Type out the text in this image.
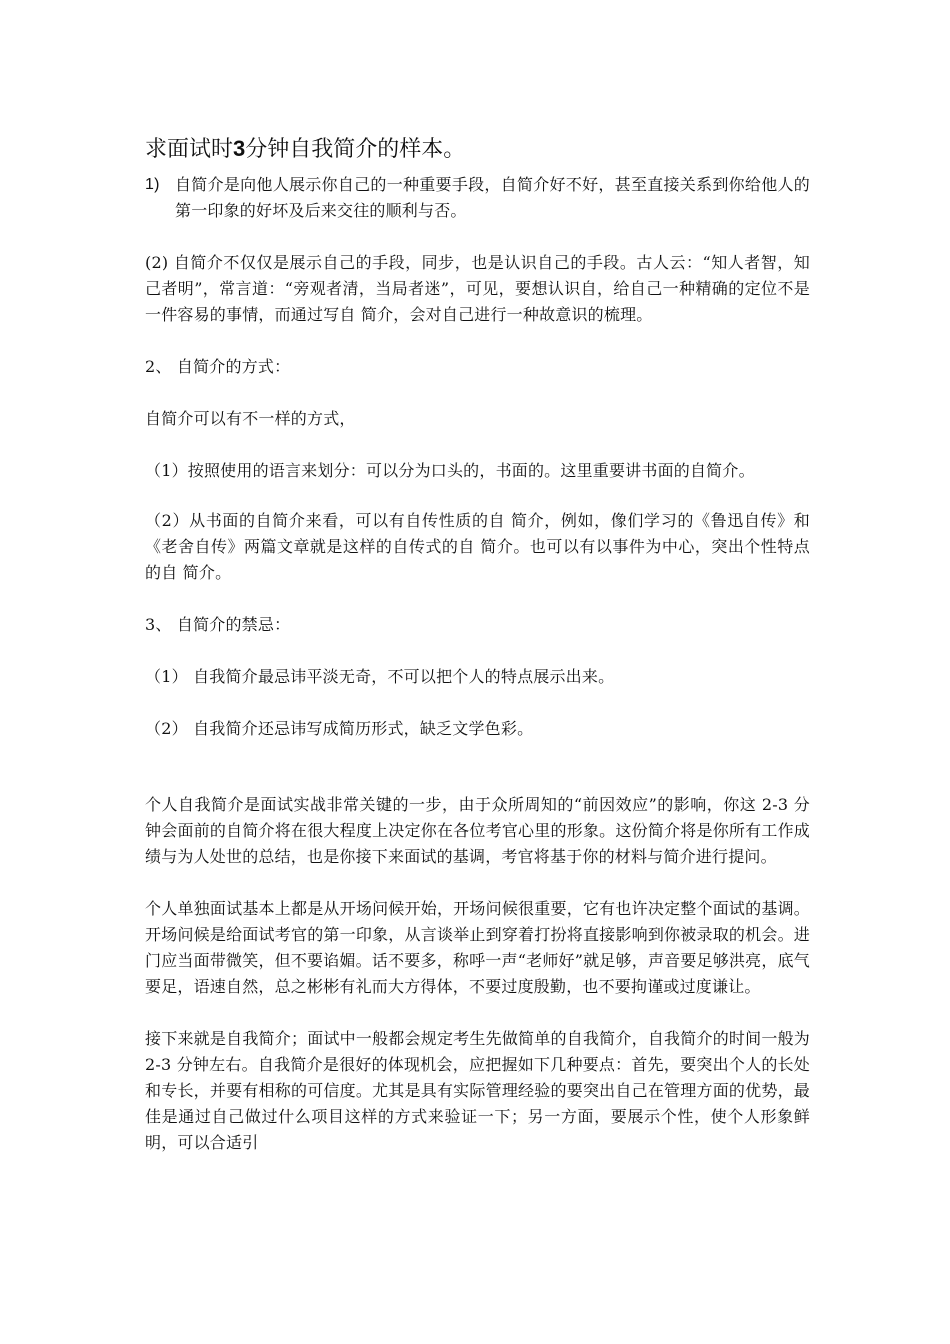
求面试时3分钟自我简介的样本。
1) 自简介是向他人展示你自己的一种重要手段，自简介好不好，甚至直接关系到你给他人的第一印象的好坏及后来交往的顺利与否。

(2) 自简介不仅仅是展示自己的手段，同步，也是认识自己的手段。古人云：“知人者智，知己者明”，常言道：“旁观者清，当局者迷”，可见，要想认识自，给自己一种精确的定位不是一件容易的事情，而通过写自 简介，会对自己进行一种故意识的梳理。

2、 自简介的方式：

自简介可以有不一样的方式，

（1）按照使用的语言来划分：可以分为口头的，书面的。这里重要讲书面的自简介。

（2）从书面的自简介来看，可以有自传性质的自 简介，例如，像们学习的《鲁迅自传》和《老舍自传》两篇文章就是这样的自传式的自 简介。也可以有以事件为中心，突出个性特点的自 简介。

3、 自简介的禁忌：

（1） 自我简介最忌讳平淡无奇，不可以把个人的特点展示出来。

（2） 自我简介还忌讳写成简历形式，缺乏文学色彩。

个人自我简介是面试实战非常关键的一步，由于众所周知的“前因效应”的影响，你这 2-3 分钟会面前的自简介将在很大程度上决定你在各位考官心里的形象。这份简介将是你所有工作成绩与为人处世的总结，也是你接下来面试的基调，考官将基于你的材料与简介进行提问。

个人单独面试基本上都是从开场问候开始，开场问候很重要，它有也许决定整个面试的基调。开场问候是给面试考官的第一印象，从言谈举止到穿着打扮将直接影响到你被录取的机会。进门应当面带微笑，但不要谄媚。话不要多，称呼一声“老师好”就足够，声音要足够洪亮，底气要足，语速自然，总之彬彬有礼而大方得体，不要过度殷勤，也不要拘谨或过度谦让。

接下来就是自我简介；面试中一般都会规定考生先做简单的自我简介，自我简介的时间一般为 2-3 分钟左右。自我简介是很好的体现机会，应把握如下几种要点：首先，要突出个人的长处和专长，并要有相称的可信度。尤其是具有实际管理经验的要突出自己在管理方面的优势，最佳是通过自己做过什么项目这样的方式来验证一下；另一方面，要展示个性，使个人形象鲜明，可以合适引
